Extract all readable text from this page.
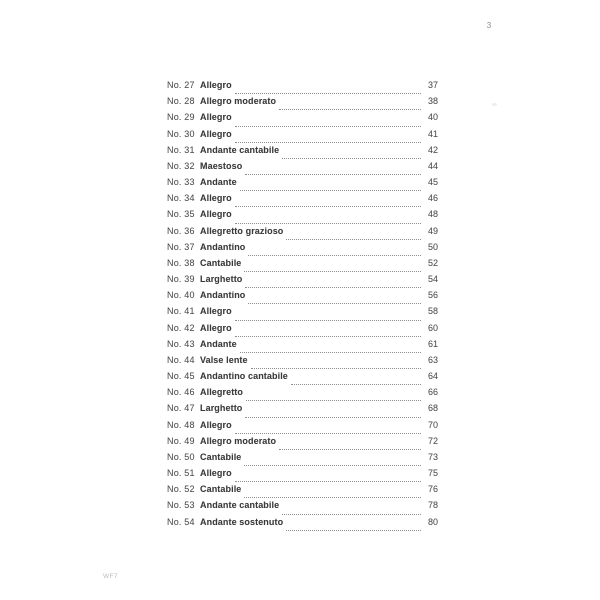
3
No. 27 Allegro	37
No. 28 Allegro moderato	38
No. 29 Allegro	40
No. 30 Allegro	41
No. 31 Andante cantabile	42
No. 32 Maestoso	44
No. 33 Andante	45
No. 34 Allegro	46
No. 35 Allegro	48
No. 36 Allegretto grazioso	49
No. 37 Andantino	50
No. 38 Cantabile	52
No. 39 Larghetto	54
No. 40 Andantino	56
No. 41 Allegro	58
No. 42 Allegro	60
No. 43 Andante	61
No. 44 Valse lente	63
No. 45 Andantino cantabile	64
No. 46 Allegretto	66
No. 47 Larghetto	68
No. 48 Allegro	70
No. 49 Allegro moderato	72
No. 50 Cantabile	73
No. 51 Allegro	75
No. 52 Cantabile	76
No. 53 Andante cantabile	78
No. 54 Andante sostenuto	80
WF7
